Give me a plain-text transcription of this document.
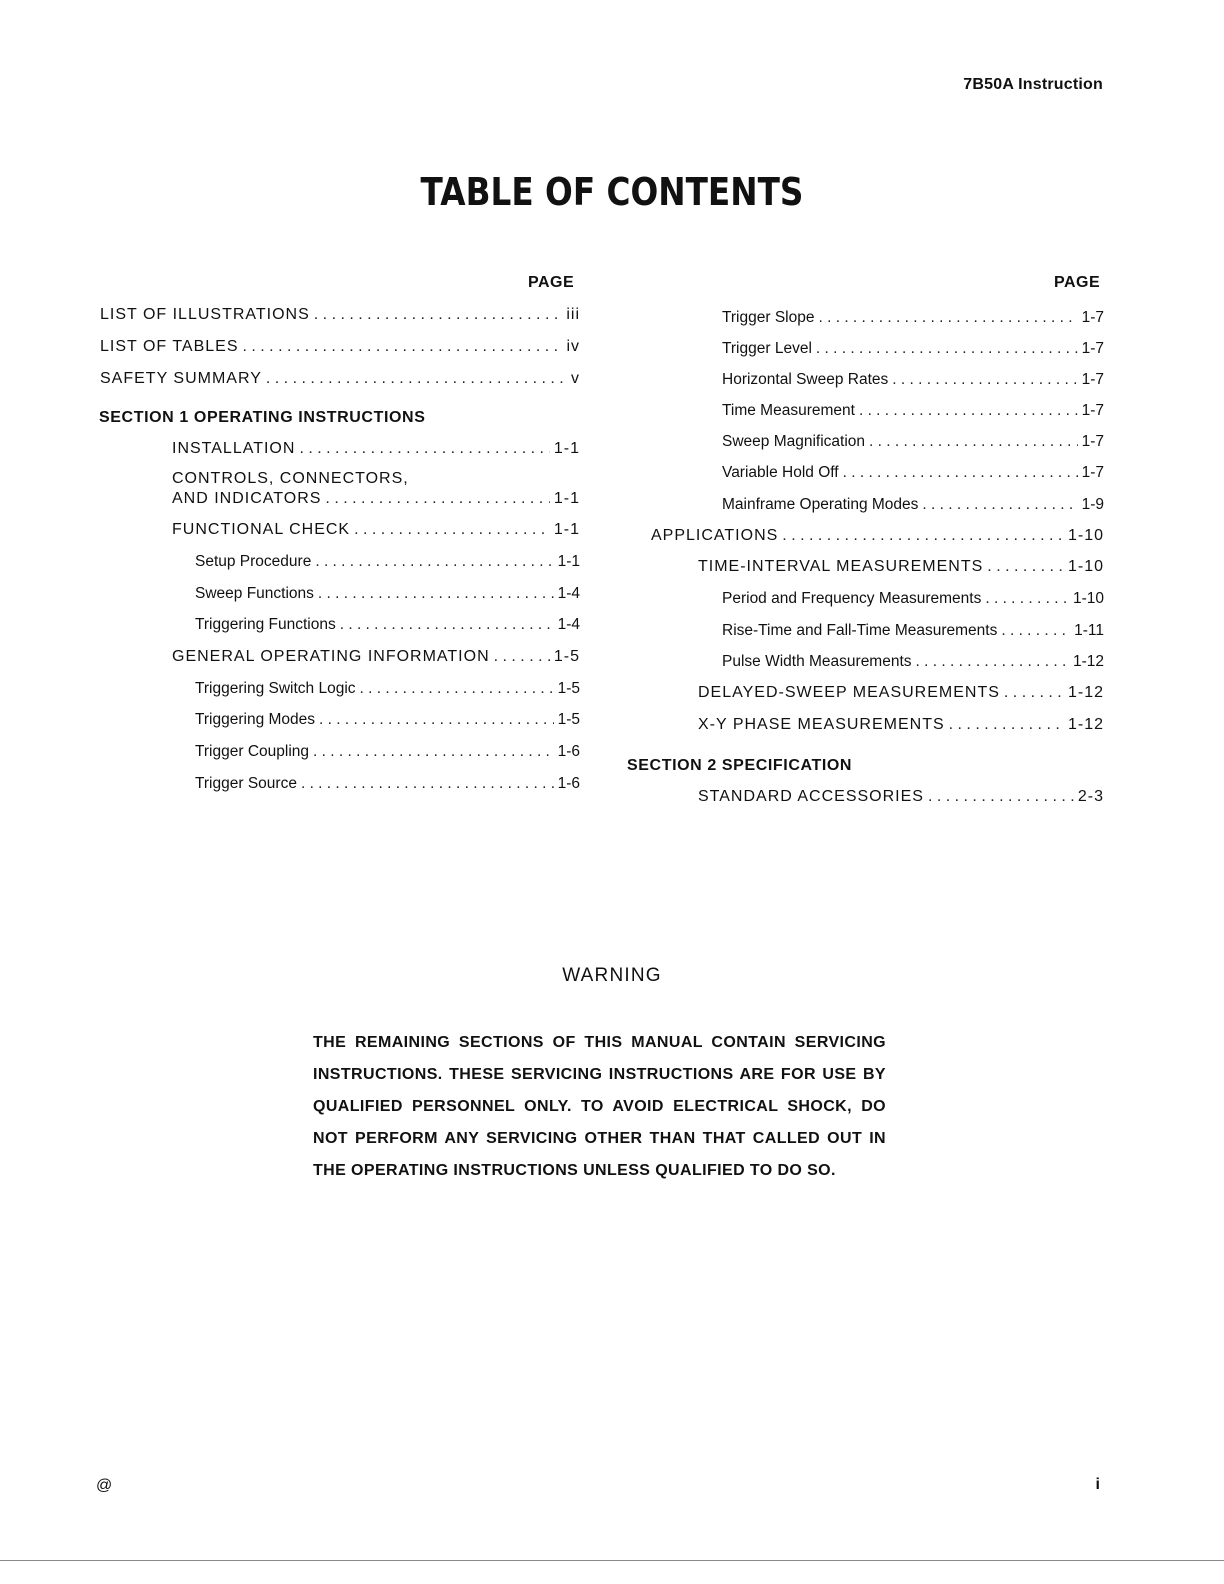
7B50A Instruction
TABLE OF CONTENTS
PAGE
LIST OF ILLUSTRATIONS . . .	iii
LIST OF TABLES . . .	iv
SAFETY SUMMARY . . .	v
SECTION 1 OPERATING INSTRUCTIONS
INSTALLATION . . .	1-1
CONTROLS, CONNECTORS,
AND INDICATORS . . .	1-1
FUNCTIONAL CHECK . . .	1-1
Setup Procedure . . .	1-1
Sweep Functions . . .	1-4
Triggering Functions . . .	1-4
GENERAL OPERATING INFORMATION . . .	1-5
Triggering Switch Logic . . .	1-5
Triggering Modes . . .	1-5
Trigger Coupling . . .	1-6
Trigger Source . . .	1-6
PAGE
Trigger Slope . . .	1-7
Trigger Level . . .	1-7
Horizontal Sweep Rates . . .	1-7
Time Measurement . . .	1-7
Sweep Magnification . . .	1-7
Variable Hold Off . . .	1-7
Mainframe Operating Modes . . .	1-9
APPLICATIONS . . .	1-10
TIME-INTERVAL MEASUREMENTS . . .	1-10
Period and Frequency Measurements . . .	1-10
Rise-Time and Fall-Time Measurements . . .	1-11
Pulse Width Measurements . . .	1-12
DELAYED-SWEEP MEASUREMENTS . . .	1-12
X-Y PHASE MEASUREMENTS . . .	1-12
SECTION 2 SPECIFICATION
STANDARD ACCESSORIES . . .	2-3
WARNING
THE REMAINING SECTIONS OF THIS MANUAL CONTAIN SERVICING INSTRUCTIONS. THESE SERVICING INSTRUCTIONS ARE FOR USE BY QUALIFIED PERSONNEL ONLY. TO AVOID ELECTRICAL SHOCK, DO NOT PERFORM ANY SERVICING OTHER THAN THAT CALLED OUT IN THE OPERATING INSTRUCTIONS UNLESS QUALIFIED TO DO SO.
@	i
